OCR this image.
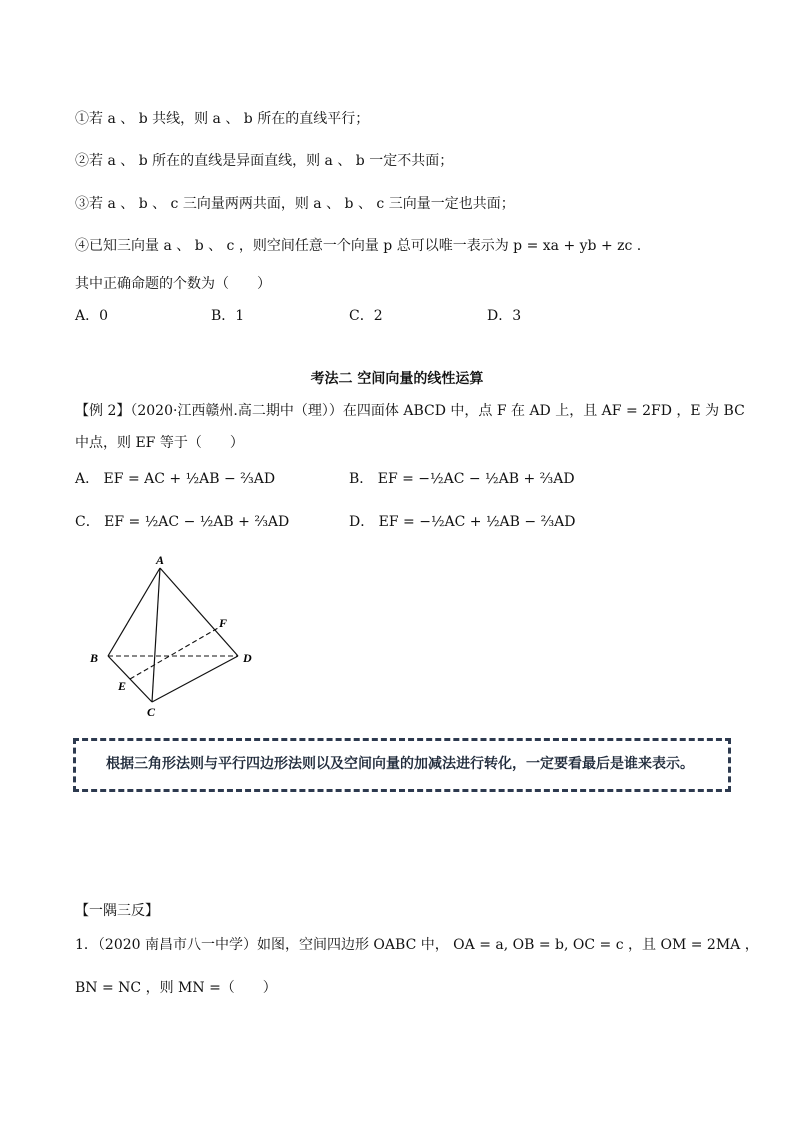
①若 a 、 b 共线，则 a 、 b 所在的直线平行；
②若 a 、 b 所在的直线是异面直线，则 a 、 b 一定不共面；
③若 a 、 b 、 c 三向量两两共面，则 a 、 b 、 c 三向量一定也共面；
④已知三向量 a 、 b 、 c ，则空间任意一个向量 p 总可以唯一表示为 p = xa + yb + zc .
其中正确命题的个数为（　　）
A．0	B．1	C．2	D．3
考法二 空间向量的线性运算
【例 2】（2020·江西赣州.高二期中（理））在四面体 ABCD 中，点 F 在 AD 上，且 AF = 2FD ，E 为 BC
中点，则 EF 等于（　　）
A． EF = AC + ½AB − ⅔AD	B． EF = −½AC − ½AB + ⅔AD
C． EF = ½AC − ½AB + ⅔AD	D． EF = −½AC + ½AB − ⅔AD
A
B
C
D
E
F
根据三角形法则与平行四边形法则以及空间向量的加减法进行转化，一定要看最后是谁来表示。
【一隅三反】
1．（2020 南昌市八一中学）如图，空间四边形 OABC 中， OA = a, OB = b, OC = c ，且 OM = 2MA ，
BN = NC ，则 MN =（　　）
